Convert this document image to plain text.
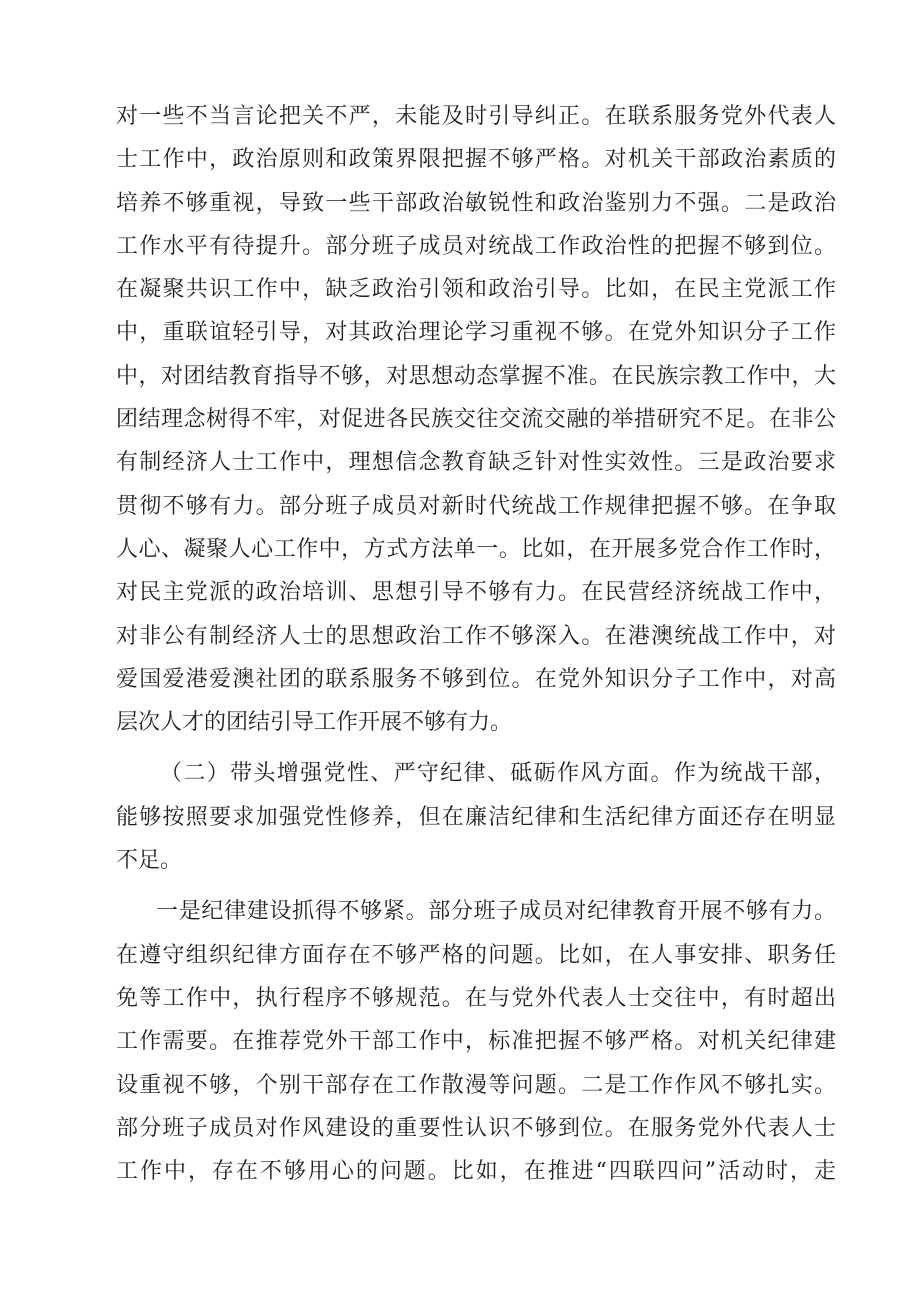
对一些不当言论把关不严，未能及时引导纠正。在联系服务党外代表人
士工作中，政治原则和政策界限把握不够严格。对机关干部政治素质的
培养不够重视，导致一些干部政治敏锐性和政治鉴别力不强。二是政治
工作水平有待提升。部分班子成员对统战工作政治性的把握不够到位。
在凝聚共识工作中，缺乏政治引领和政治引导。比如，在民主党派工作
中，重联谊轻引导，对其政治理论学习重视不够。在党外知识分子工作
中，对团结教育指导不够，对思想动态掌握不准。在民族宗教工作中，大
团结理念树得不牢，对促进各民族交往交流交融的举措研究不足。在非公
有制经济人士工作中，理想信念教育缺乏针对性实效性。三是政治要求
贯彻不够有力。部分班子成员对新时代统战工作规律把握不够。在争取
人心、凝聚人心工作中，方式方法单一。比如，在开展多党合作工作时，
对民主党派的政治培训、思想引导不够有力。在民营经济统战工作中，
对非公有制经济人士的思想政治工作不够深入。在港澳统战工作中，对
爱国爱港爱澳社团的联系服务不够到位。在党外知识分子工作中，对高
层次人才的团结引导工作开展不够有力。
（二）带头增强党性、严守纪律、砥砺作风方面。作为统战干部，
能够按照要求加强党性修养，但在廉洁纪律和生活纪律方面还存在明显
不足。
一是纪律建设抓得不够紧。部分班子成员对纪律教育开展不够有力。
在遵守组织纪律方面存在不够严格的问题。比如，在人事安排、职务任
免等工作中，执行程序不够规范。在与党外代表人士交往中，有时超出
工作需要。在推荐党外干部工作中，标准把握不够严格。对机关纪律建
设重视不够，个别干部存在工作散漫等问题。二是工作作风不够扎实。
部分班子成员对作风建设的重要性认识不够到位。在服务党外代表人士
工作中，存在不够用心的问题。比如，在推进“四联四问”活动时，走
